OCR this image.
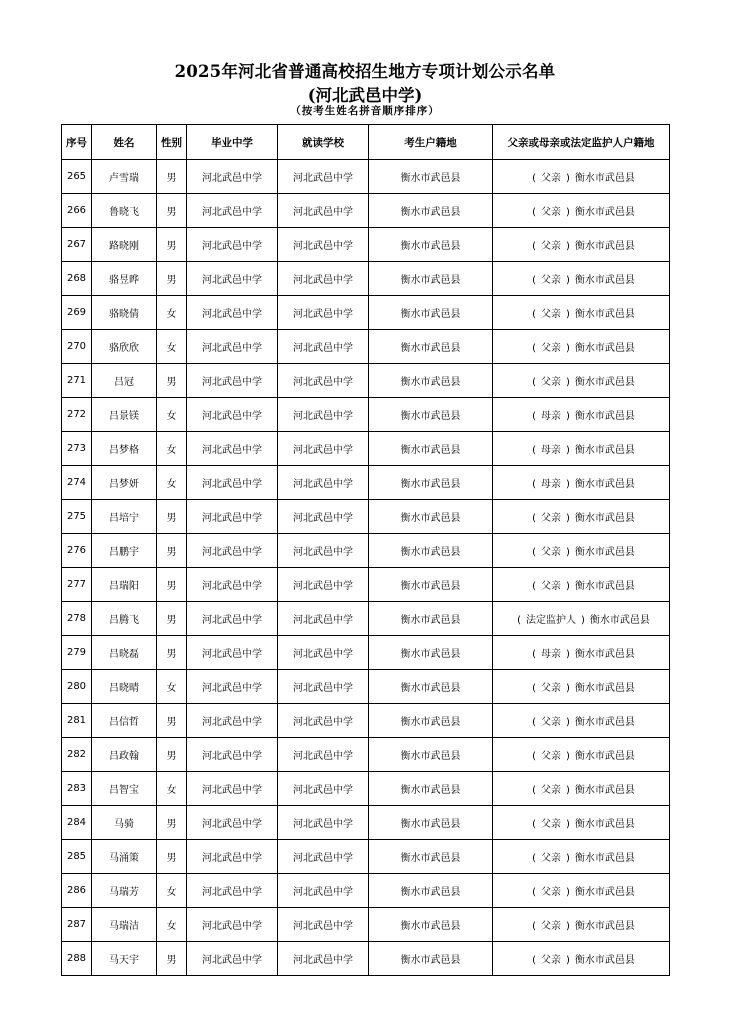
2025年河北省普通高校招生地方专项计划公示名单
(河北武邑中学)
（按考生姓名拼音顺序排序）
序号	姓名	性别	毕业中学	就读学校	考生户籍地	父亲或母亲或法定监护人户籍地
265	卢雪瑞	男	河北武邑中学	河北武邑中学	衡水市武邑县	( 父亲 ) 衡水市武邑县
266	鲁晓飞	男	河北武邑中学	河北武邑中学	衡水市武邑县	( 父亲 ) 衡水市武邑县
267	路晓刚	男	河北武邑中学	河北武邑中学	衡水市武邑县	( 父亲 ) 衡水市武邑县
268	骆昱晔	男	河北武邑中学	河北武邑中学	衡水市武邑县	( 父亲 ) 衡水市武邑县
269	骆晓倩	女	河北武邑中学	河北武邑中学	衡水市武邑县	( 父亲 ) 衡水市武邑县
270	骆欣欣	女	河北武邑中学	河北武邑中学	衡水市武邑县	( 父亲 ) 衡水市武邑县
271	吕冠	男	河北武邑中学	河北武邑中学	衡水市武邑县	( 父亲 ) 衡水市武邑县
272	吕景镁	女	河北武邑中学	河北武邑中学	衡水市武邑县	( 母亲 ) 衡水市武邑县
273	吕梦格	女	河北武邑中学	河北武邑中学	衡水市武邑县	( 母亲 ) 衡水市武邑县
274	吕梦妍	女	河北武邑中学	河北武邑中学	衡水市武邑县	( 母亲 ) 衡水市武邑县
275	吕培宁	男	河北武邑中学	河北武邑中学	衡水市武邑县	( 父亲 ) 衡水市武邑县
276	吕鹏宇	男	河北武邑中学	河北武邑中学	衡水市武邑县	( 父亲 ) 衡水市武邑县
277	吕瑞阳	男	河北武邑中学	河北武邑中学	衡水市武邑县	( 父亲 ) 衡水市武邑县
278	吕腾飞	男	河北武邑中学	河北武邑中学	衡水市武邑县	( 法定监护人 ) 衡水市武邑县
279	吕晓磊	男	河北武邑中学	河北武邑中学	衡水市武邑县	( 母亲 ) 衡水市武邑县
280	吕晓晴	女	河北武邑中学	河北武邑中学	衡水市武邑县	( 父亲 ) 衡水市武邑县
281	吕信哲	男	河北武邑中学	河北武邑中学	衡水市武邑县	( 父亲 ) 衡水市武邑县
282	吕政翰	男	河北武邑中学	河北武邑中学	衡水市武邑县	( 父亲 ) 衡水市武邑县
283	吕智宝	女	河北武邑中学	河北武邑中学	衡水市武邑县	( 父亲 ) 衡水市武邑县
284	马骑	男	河北武邑中学	河北武邑中学	衡水市武邑县	( 父亲 ) 衡水市武邑县
285	马涌策	男	河北武邑中学	河北武邑中学	衡水市武邑县	( 父亲 ) 衡水市武邑县
286	马瑞芳	女	河北武邑中学	河北武邑中学	衡水市武邑县	( 父亲 ) 衡水市武邑县
287	马瑞洁	女	河北武邑中学	河北武邑中学	衡水市武邑县	( 父亲 ) 衡水市武邑县
288	马天宇	男	河北武邑中学	河北武邑中学	衡水市武邑县	( 父亲 ) 衡水市武邑县
